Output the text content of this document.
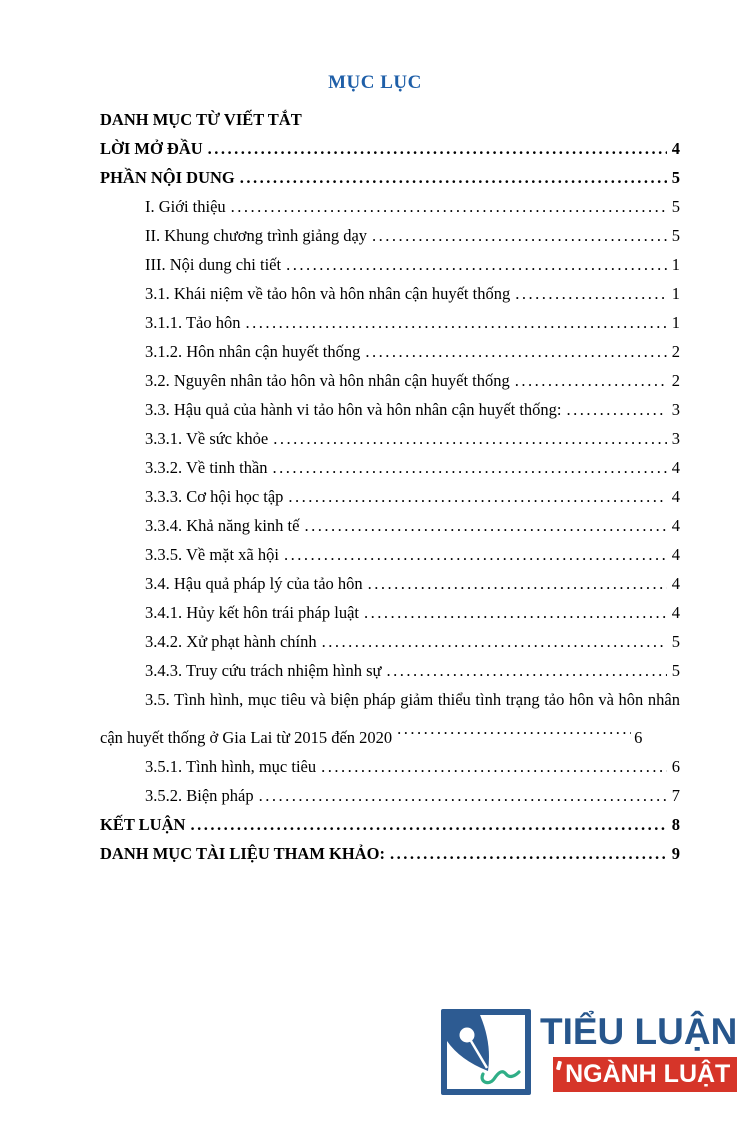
MỤC LỤC
DANH MỤC TỪ VIẾT TẮT
LỜI MỞ ĐẦU .....	4
PHẦN NỘI DUNG .....	5
I. Giới thiệu .....	5
II. Khung chương trình giảng dạy .....	5
III. Nội dung chi tiết .....	1
3.1. Khái niệm về tảo hôn và hôn nhân cận huyết thống .....	1
3.1.1. Tảo hôn .....	1
3.1.2. Hôn nhân cận huyết thống .....	2
3.2. Nguyên nhân tảo hôn và hôn nhân cận huyết thống .....	2
3.3. Hậu quả của hành vi tảo hôn và hôn nhân cận huyết thống: .....	3
3.3.1. Về sức khỏe .....	3
3.3.2. Về tinh thần .....	4
3.3.3. Cơ hội học tập .....	4
3.3.4. Khả năng kinh tế .....	4
3.3.5. Về mặt xã hội .....	4
3.4. Hậu quả pháp lý của tảo hôn .....	4
3.4.1. Hủy kết hôn trái pháp luật .....	4
3.4.2. Xử phạt hành chính .....	5
3.4.3. Truy cứu trách nhiệm hình sự .....	5
3.5. Tình hình, mục tiêu và biện pháp giảm thiểu tình trạng tảo hôn và hôn nhân cận huyết thống ở Gia Lai từ 2015 đến 2020 .....	6
3.5.1. Tình hình, mục tiêu .....	6
3.5.2. Biện pháp .....	7
KẾT LUẬN .....	8
DANH MỤC TÀI LIỆU THAM KHẢO: .....	9
TIỂU LUẬN
NGÀNH LUẬT
